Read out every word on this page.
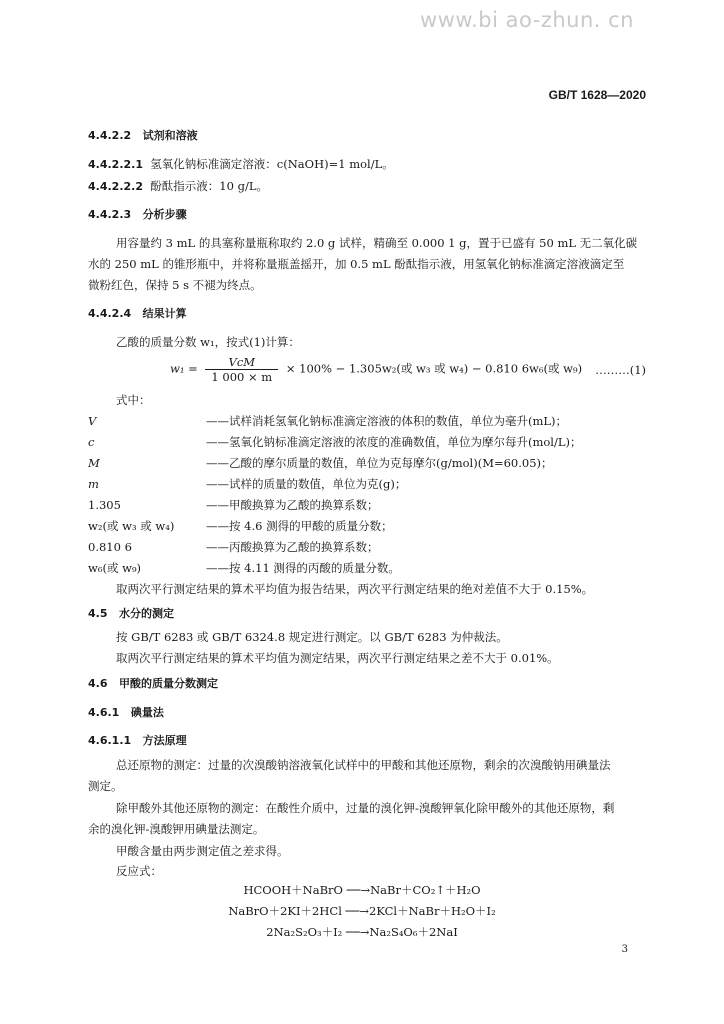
www.bi ao-zhun. cn
GB/T 1628—2020
4.4.2.2 试剂和溶液
4.4.2.2.1 氢氧化钠标准滴定溶液：c(NaOH)=1 mol/L。
4.4.2.2.2 酚酞指示液：10 g/L。
4.4.2.3 分析步骤
用容量约 3 mL 的具塞称量瓶称取约 2.0 g 试样，精确至 0.000 1 g，置于已盛有 50 mL 无二氧化碳
水的 250 mL 的锥形瓶中，并将称量瓶盖摇开，加 0.5 mL 酚酞指示液，用氢氧化钠标准滴定溶液滴定至
微粉红色，保持 5 s 不褪为终点。
4.4.2.4 结果计算
乙酸的质量分数 w₁，按式(1)计算：
$w_1 = \frac{\text{VcM}}{1 000 \times m} \times 100\% - 1.305w_2$(或 w₃ 或 w₄) − 0.810 6w₆(或 w₉) ………(1)
式中：
V	——试样消耗氢氧化钠标准滴定溶液的体积的数值，单位为毫升(mL)；
c	——氢氧化钠标准滴定溶液的浓度的准确数值，单位为摩尔每升(mol/L)；
M	——乙酸的摩尔质量的数值，单位为克每摩尔(g/mol)(M=60.05)；
m	——试样的质量的数值，单位为克(g)；
1.305	——甲酸换算为乙酸的换算系数；
w₂(或 w₃ 或 w₄)	——按 4.6 测得的甲酸的质量分数；
0.810 6	——丙酸换算为乙酸的换算系数；
w₆(或 w₉)	——按 4.11 测得的丙酸的质量分数。
取两次平行测定结果的算术平均值为报告结果，两次平行测定结果的绝对差值不大于 0.15%。
4.5 水分的测定
按 GB/T 6283 或 GB/T 6324.8 规定进行测定。以 GB/T 6283 为仲裁法。
取两次平行测定结果的算术平均值为测定结果，两次平行测定结果之差不大于 0.01%。
4.6 甲酸的质量分数测定
4.6.1 碘量法
4.6.1.1 方法原理
总还原物的测定：过量的次溴酸钠溶液氧化试样中的甲酸和其他还原物，剩余的次溴酸钠用碘量法
测定。
除甲酸外其他还原物的测定：在酸性介质中，过量的溴化钾-溴酸钾氧化除甲酸外的其他还原物，剩
余的溴化钾-溴酸钾用碘量法测定。
甲酸含量由两步测定值之差求得。
反应式：
HCOOH＋NaBrO ──→NaBr＋CO₂↑＋H₂O
NaBrO＋2KI＋2HCl ──→2KCl＋NaBr＋H₂O＋I₂
2Na₂S₂O₃＋I₂ ──→Na₂S₄O₆＋2NaI
3
